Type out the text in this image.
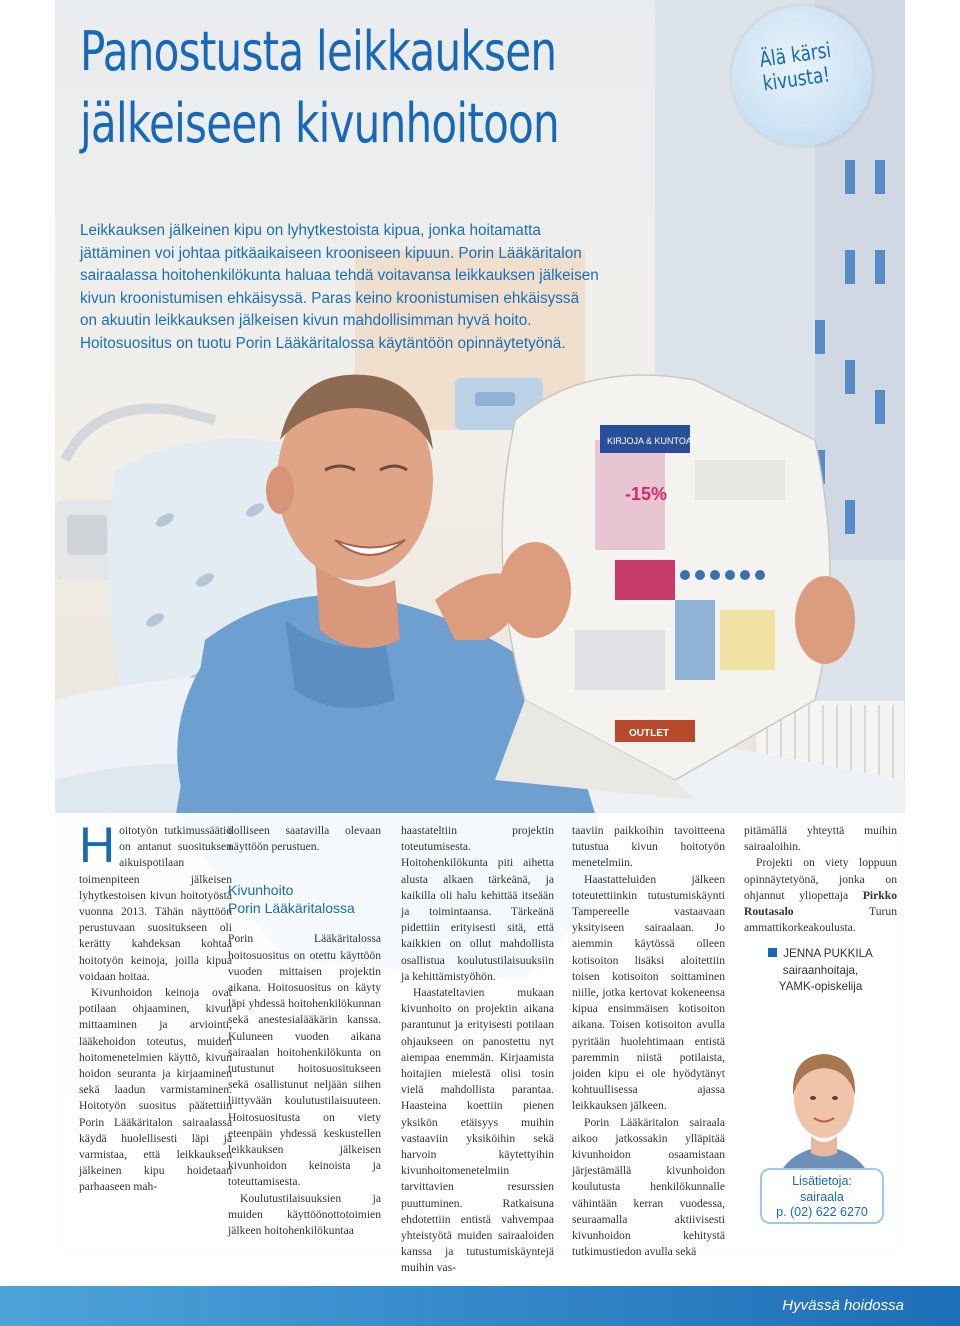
KIRJOJA & KUNTOA
-15%
OUTLET
Panostusta leikkauksen
jälkeiseen kivunhoitoon

Leikkauksen jälkeinen kipu on lyhytkestoista kipua, jonka hoitamatta jättäminen voi johtaa pitkäaikaiseen krooniseen kipuun. Porin Lääkäritalon sairaalassa hoitohenkilökunta haluaa tehdä voitavansa leikkauksen jälkeisen kivun kroonistumisen ehkäisyssä. Paras keino kroonistumisen ehkäisyssä on akuutin leikkauksen jälkeisen kivun mahdollisimman hyvä hoito. Hoitosuositus on tuotu Porin Lääkäritalossa käytäntöön opinnäytetyönä.

Älä kärsi
kivusta!

Hoitotyön tutkimussäätiö on antanut suosituksen aikuispotilaan toimenpiteen jälkeisen lyhytkestoisen kivun hoitotyöstä vuonna 2013. Tähän näyttöön perustuvaan suositukseen oli kerätty kahdeksan kohtaa hoitotyön keinoja, joilla kipua voidaan hoitaa.

Kivunhoidon keinoja ovat potilaan ohjaaminen, kivun mittaaminen ja arviointi, lääkehoidon toteutus, muiden hoitomenetelmien käyttö, kivun hoidon seuranta ja kirjaaminen sekä laadun varmistaminen. Hoitotyön suositus päätettiin Porin Lääkäritalon sairaalassa käydä huolellisesti läpi ja varmistaa, että leikkauksen jälkeinen kipu hoidetaan parhaaseen mah-

dolliseen saatavilla olevaan näyttöön perustuen.

Kivunhoito
Porin Lääkäritalossa

Porin Lääkäritalossa hoitosuositus on otettu käyttöön vuoden mittaisen projektin aikana. Hoitosuositus on käyty läpi yhdessä hoitohenkilökunnan sekä anestesialääkärin kanssa. Kuluneen vuoden aikana sairaalan hoitohenkilökunta on tutustunut hoitosuositukseen sekä osallistunut neljään siihen liittyvään koulutustilaisuuteen. Hoitosuositusta on viety eteenpäin yhdessä keskustellen leikkauksen jälkeisen kivunhoidon keinoista ja toteuttamisesta.

Koulutustilaisuuksien ja muiden käyttöönottotoimien jälkeen hoitohenkilökuntaa

haastateltiin projektin toteutumisesta. Hoitohenkilökunta piti aihetta alusta alkaen tärkeänä, ja kaikilla oli halu kehittää itseään ja toimintaansa. Tärkeänä pidettiin erityisesti sitä, että kaikkien on ollut mahdollista osallistua koulutustilaisuuksiin ja kehittämistyöhön.

Haastateltavien mukaan kivunhoito on projektin aikana parantunut ja erityisesti potilaan ohjaukseen on panostettu nyt aiempaa enemmän. Kirjaamista hoitajien mielestä olisi tosin vielä mahdollista parantaa. Haasteina koettiin pienen yksikön etäisyys muihin vastaaviin yksiköihin sekä harvoin käytettyihin kivunhoitomenetelmiin tarvittavien resurssien puuttuminen. Ratkaisuna ehdotettiin entistä vahvempaa yhteistyötä muiden sairaaloiden kanssa ja tutustumiskäyntejä muihin vas-

taaviin paikkoihin tavoitteena tutustua kivun hoitotyön menetelmiin.

Haastatteluiden jälkeen toteutettiinkin tutustumiskäynti Tampereelle vastaavaan yksityiseen sairaalaan. Jo aiemmin käytössä olleen kotisoiton lisäksi aloitettiin toisen kotisoiton soittaminen niille, jotka kertovat kokeneensa kipua ensimmäisen kotisoiton aikana. Toisen kotisoiton avulla pyritään huolehtimaan entistä paremmin niistä potilaista, joiden kipu ei ole hyödytänyt kohtuullisessa ajassa leikkauksen jälkeen.

Porin Lääkäritalon sairaala aikoo jatkossakin ylläpitää kivunhoidon osaamistaan järjestämällä kivunhoidon koulutusta henkilökunnalle vähintään kerran vuodessa, seuraamalla aktiivisesti kivunhoidon kehitystä tutkimustiedon avulla sekä

pitämällä yhteyttä muihin sairaaloihin.

Projekti on viety loppuun opinnäytetyönä, jonka on ohjannut yliopettaja Pirkko Routasalo Turun ammattikorkeakoulusta.

JENNA PUKKILA
sairaanhoitaja,
YAMK-opiskelija
Lisätietoja:
sairaala
p. (02) 622 6270
Hyvässä hoidossa
